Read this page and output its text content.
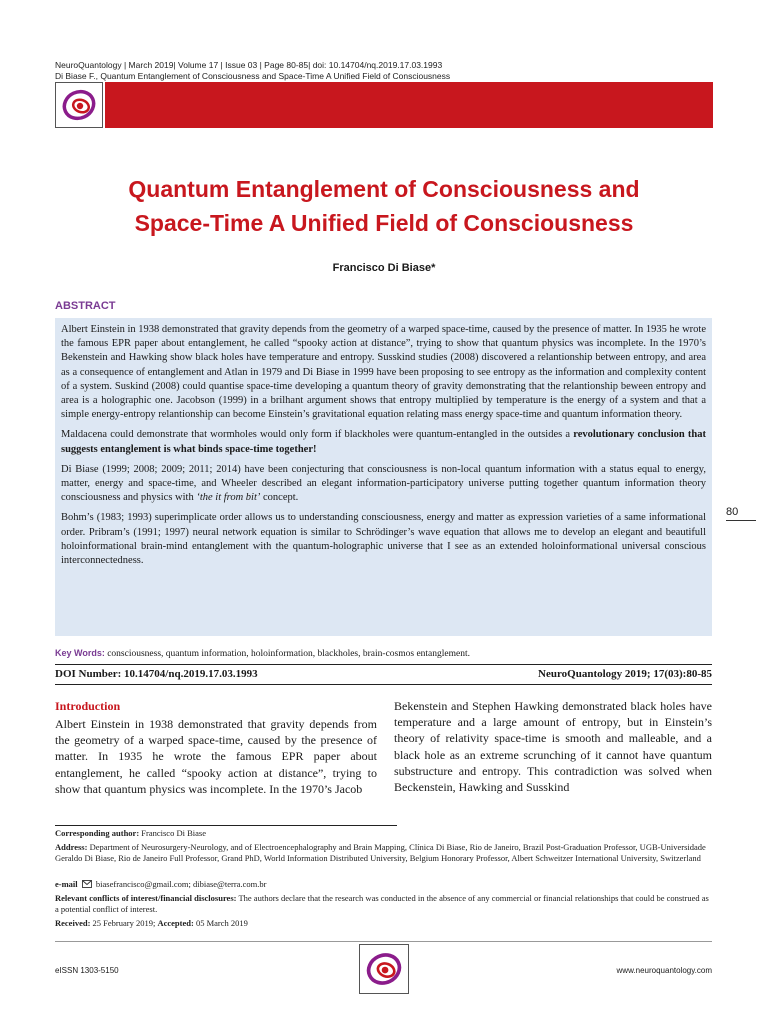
NeuroQuantology | March 2019| Volume 17 | Issue 03 | Page 80-85| doi: 10.14704/nq.2019.17.03.1993
Di Biase F., Quantum Entanglement of Consciousness and Space-Time A Unified Field of Consciousness
Quantum Entanglement of Consciousness and
Space-Time A Unified Field of Consciousness
Francisco Di Biase*
ABSTRACT

Albert Einstein in 1938 demonstrated that gravity depends from the geometry of a warped space-time, caused by the presence of matter. In 1935 he wrote the famous EPR paper about entanglement, he called “spooky action at distance”, trying to show that quantum physics was incomplete. In the 1970’s Bekenstein and Hawking show black holes have temperature and entropy. Susskind studies (2008) discovered a relantionship between entropy, and area as a consequence of entanglement and Atlan in 1979 and Di Biase in 1999 have been proposing to see entropy as the information and complexity content of a system. Suskind (2008) could quantise space-time developing a quantum theory of gravity demonstrating that the relantionship beween entropy and area is a holographic one. Jacobson (1999) in a brilhant argument shows that entropy multiplied by temperature is the energy of a system and that a simple energy-entropy relantionship can become Einstein’s gravitational equation relating mass energy space-time and quantum information theory.

Maldacena could demonstrate that wormholes would only form if blackholes were quantum-entangled in the outsides a revolutionary conclusion that suggests entanglement is what binds space-time together!

Di Biase (1999; 2008; 2009; 2011; 2014) have been conjecturing that consciousness is non-local quantum information with a status equal to energy, matter, energy and space-time, and Wheeler described an elegant information-participatory universe putting together quantum information theory consciousness and physics with ‘the it from bit’ concept.

Bohm’s (1983; 1993) superimplicate order allows us to understanding consciousness, energy and matter as expression varieties of a same informational order. Pribram’s (1991; 1997) neural network equation is similar to Schrödinger’s wave equation that allows me to develop an elegant and beautifull holoinformational brain-mind entanglement with the quantum-holographic universe that I see as an extended holoinformational universal conscious interconnectedness.

80
Key Words: consciousness, quantum information, holoinformation, blackholes, brain-cosmos entanglement.
DOI Number: 10.14704/nq.2019.17.03.1993	NeuroQuantology 2019; 17(03):80-85
Introduction
Albert Einstein in 1938 demonstrated that gravity depends from the geometry of a warped space-time, caused by the presence of matter. In 1935 he wrote the famous EPR paper about entanglement, he called “spooky action at distance”, trying to show that quantum physics was incomplete. In the 1970’s Jacob
Bekenstein and Stephen Hawking demonstrated black holes have temperature and a large amount of entropy, but in Einstein’s theory of relativity space-time is smooth and malleable, and a black hole as an extreme scrunching of it cannot have quantum substructure and entropy. This contradiction was solved when Beckenstein, Hawking and Susskind
Corresponding author: Francisco Di Biase
Address: Department of Neurosurgery-Neurology, and of Electroencephalography and Brain Mapping, Clínica Di Biase, Rio de Janeiro, Brazil Post-Graduation Professor, UGB-Universidade Geraldo Di Biase, Rio de Janeiro Full Professor, Grand PhD, World Information Distributed University, Belgium Honorary Professor, Albert Schweitzer International University, Switzerland
e-mail biasefrancisco@gmail.com; dibiase@terra.com.br
Relevant conflicts of interest/financial disclosures: The authors declare that the research was conducted in the absence of any commercial or financial relationships that could be construed as a potential conflict of interest.
Received: 25 February 2019; Accepted: 05 March 2019
eISSN 1303-5150	www.neuroquantology.com
